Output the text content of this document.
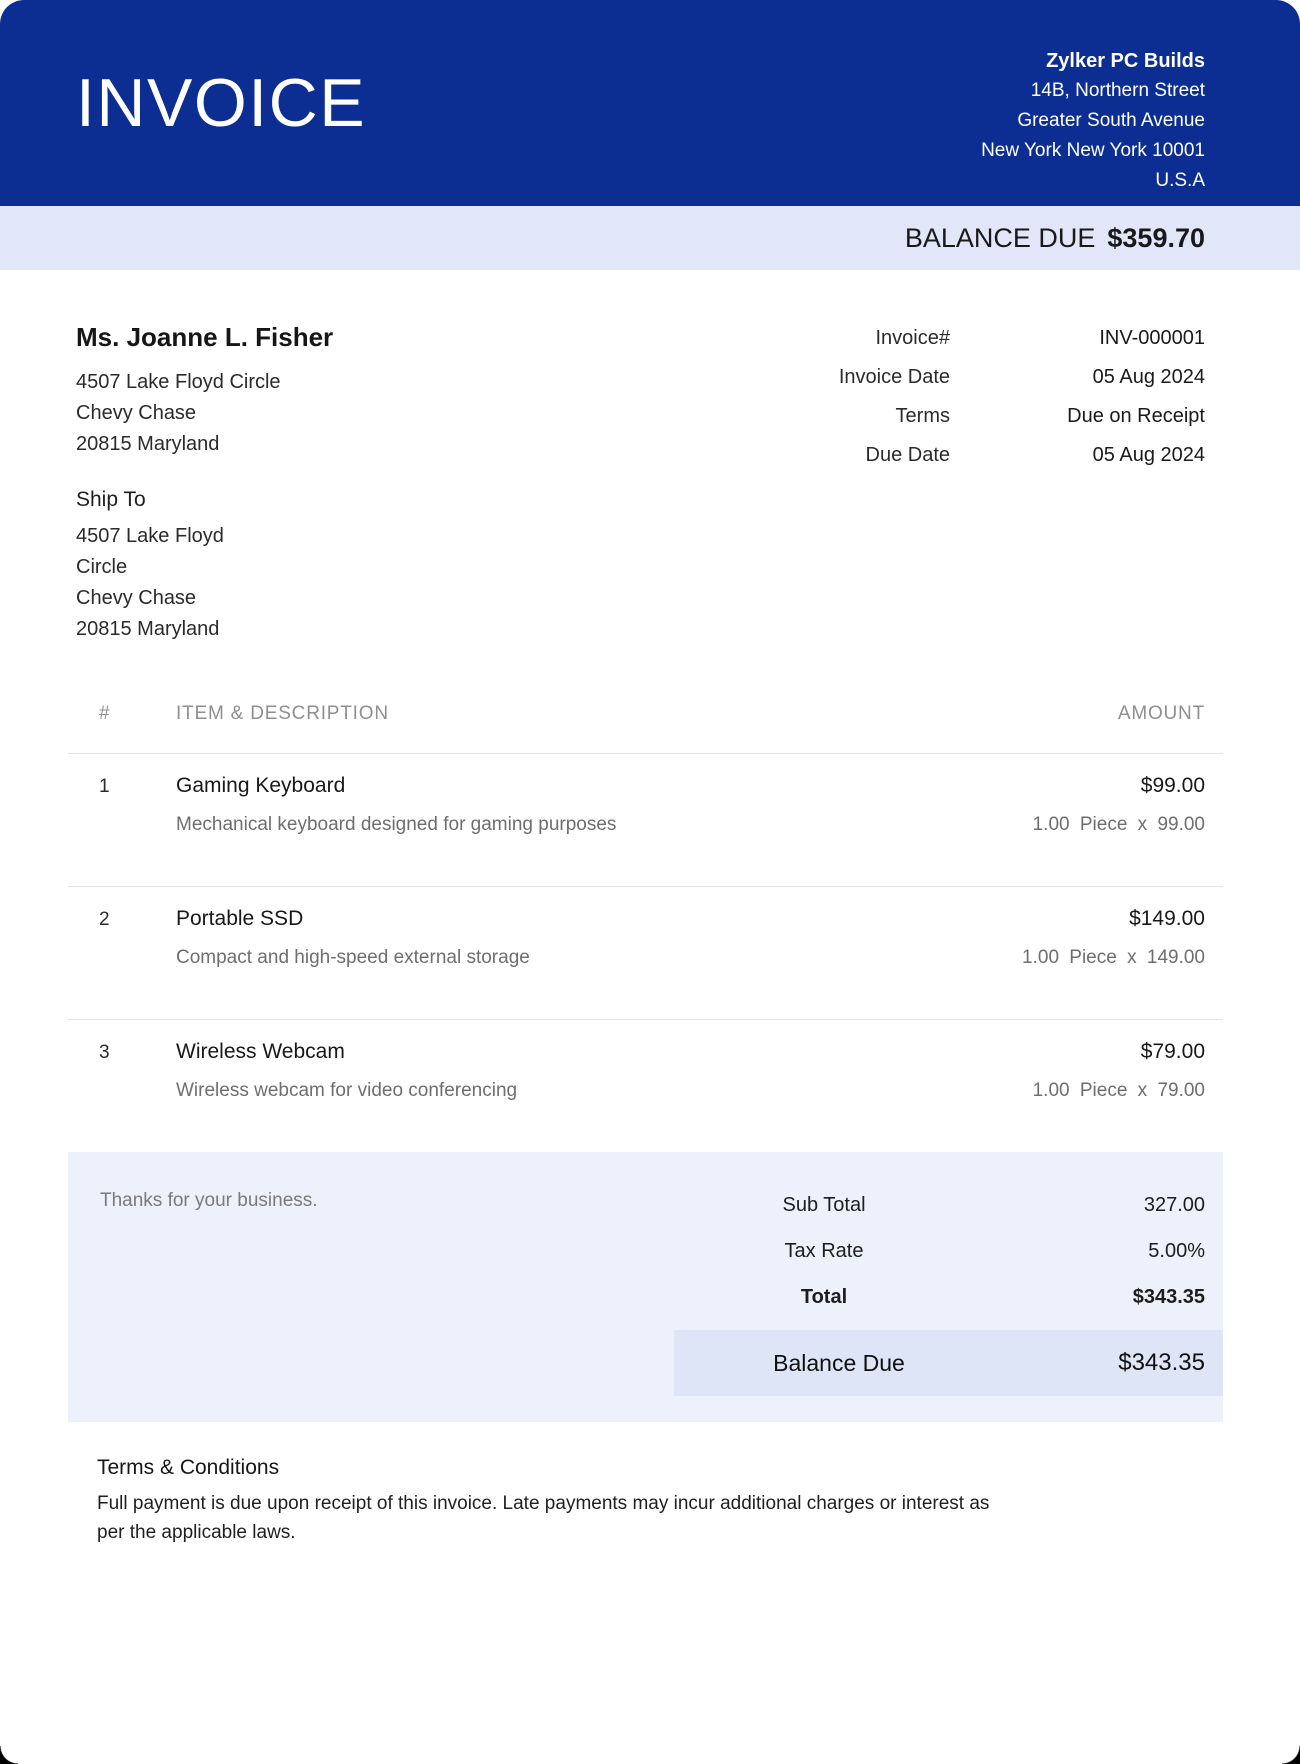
INVOICE
Zylker PC Builds
14B, Northern Street
Greater South Avenue
New York New York 10001
U.S.A
BALANCE DUE $359.70
Ms. Joanne L. Fisher
4507 Lake Floyd Circle
Chevy Chase
20815 Maryland
Ship To
4507 Lake Floyd
Circle
Chevy Chase
20815 Maryland
Invoice#	INV-000001
Invoice Date	05 Aug 2024
Terms	Due on Receipt
Due Date	05 Aug 2024
#	ITEM & DESCRIPTION	AMOUNT
1	Gaming Keyboard	$99.00
Mechanical keyboard designed for gaming purposes	1.00 Piece x 99.00
2	Portable SSD	$149.00
Compact and high-speed external storage	1.00 Piece x 149.00
3	Wireless Webcam	$79.00
Wireless webcam for video conferencing	1.00 Piece x 79.00
Thanks for your business.	Sub Total	327.00
Tax Rate	5.00%
Total	$343.35
Balance Due	$343.35
Terms & Conditions
Full payment is due upon receipt of this invoice. Late payments may incur additional charges or interest as per the applicable laws.
